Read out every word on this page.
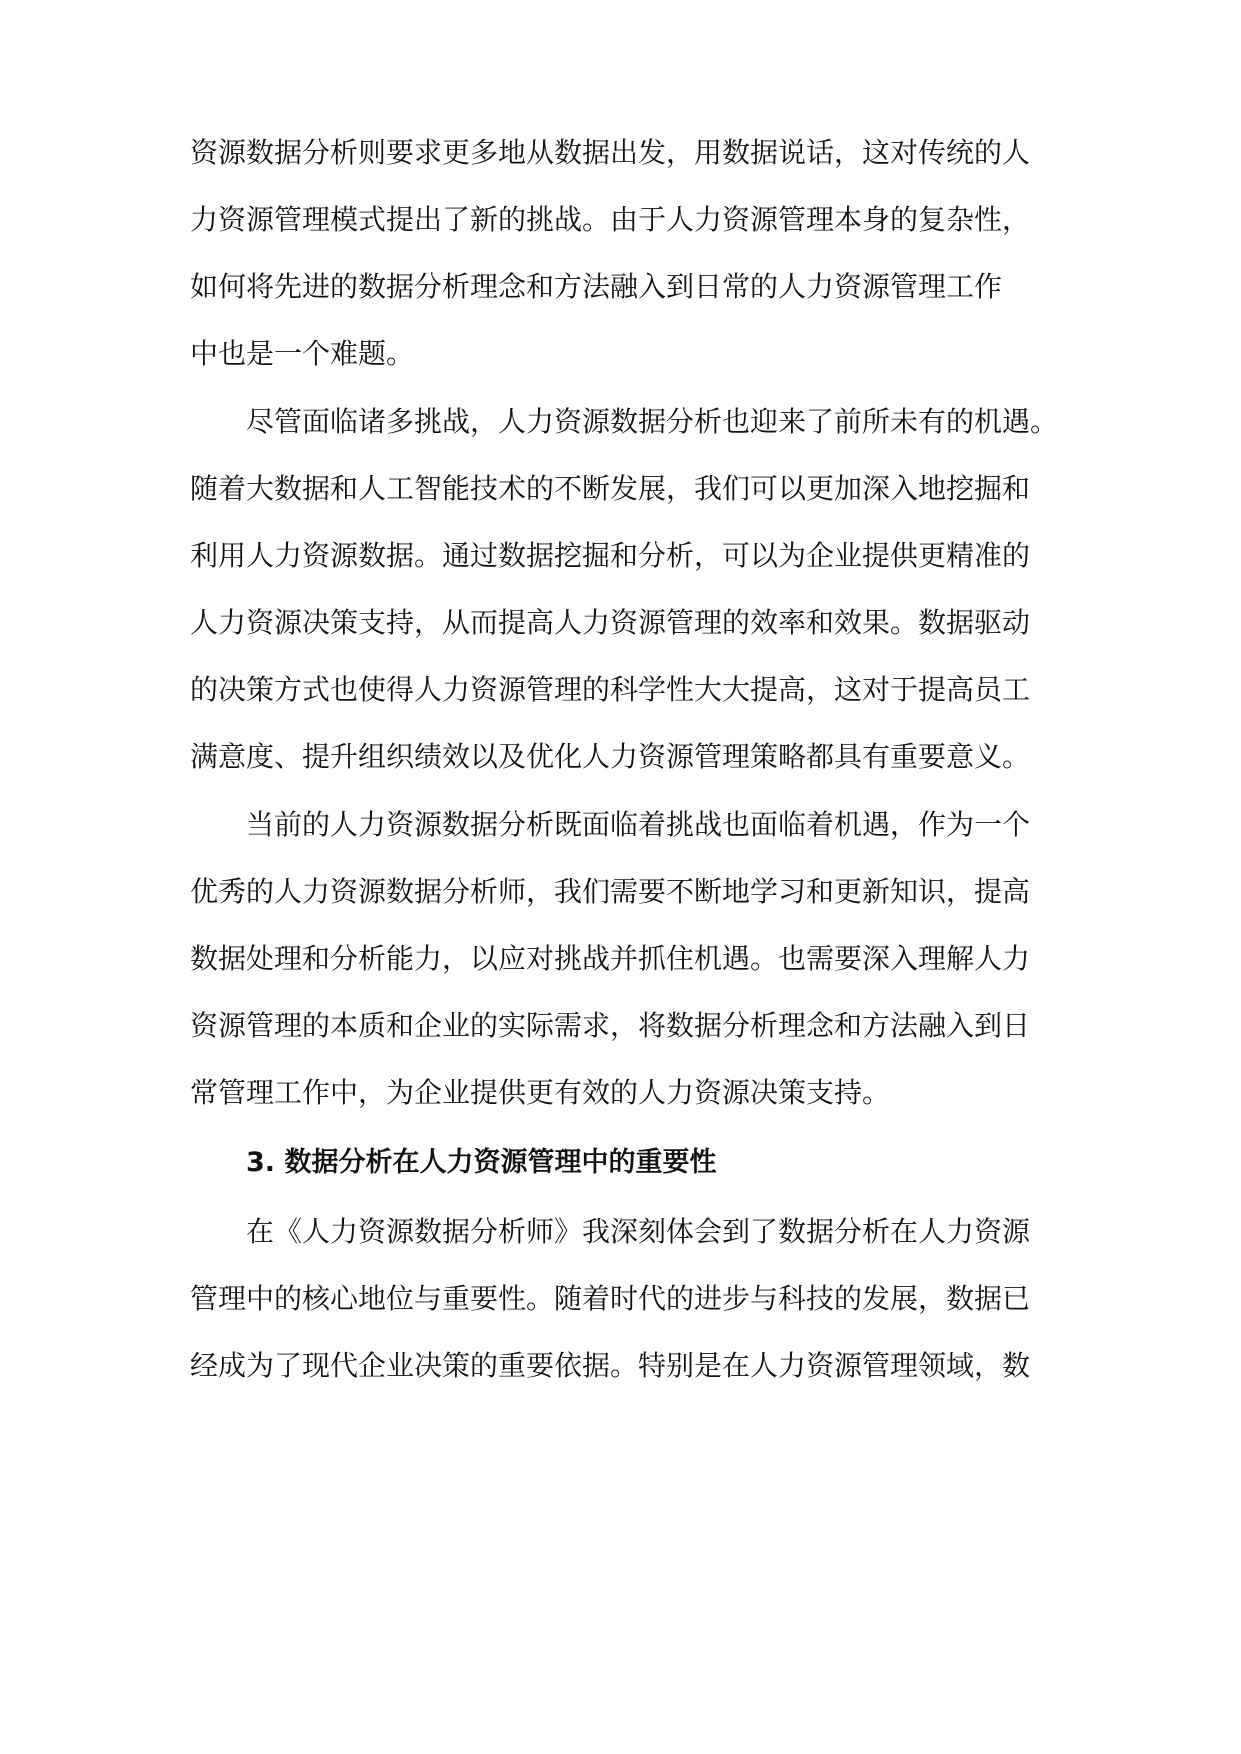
资源数据分析则要求更多地从数据出发，用数据说话，这对传统的人
力资源管理模式提出了新的挑战。由于人力资源管理本身的复杂性，
如何将先进的数据分析理念和方法融入到日常的人力资源管理工作
中也是一个难题。
尽管面临诸多挑战，人力资源数据分析也迎来了前所未有的机遇。
随着大数据和人工智能技术的不断发展，我们可以更加深入地挖掘和
利用人力资源数据。通过数据挖掘和分析，可以为企业提供更精准的
人力资源决策支持，从而提高人力资源管理的效率和效果。数据驱动
的决策方式也使得人力资源管理的科学性大大提高，这对于提高员工
满意度、提升组织绩效以及优化人力资源管理策略都具有重要意义。
当前的人力资源数据分析既面临着挑战也面临着机遇，作为一个
优秀的人力资源数据分析师，我们需要不断地学习和更新知识，提高
数据处理和分析能力，以应对挑战并抓住机遇。也需要深入理解人力
资源管理的本质和企业的实际需求，将数据分析理念和方法融入到日
常管理工作中，为企业提供更有效的人力资源决策支持。
3. 数据分析在人力资源管理中的重要性
在《人力资源数据分析师》我深刻体会到了数据分析在人力资源
管理中的核心地位与重要性。随着时代的进步与科技的发展，数据已
经成为了现代企业决策的重要依据。特别是在人力资源管理领域，数
